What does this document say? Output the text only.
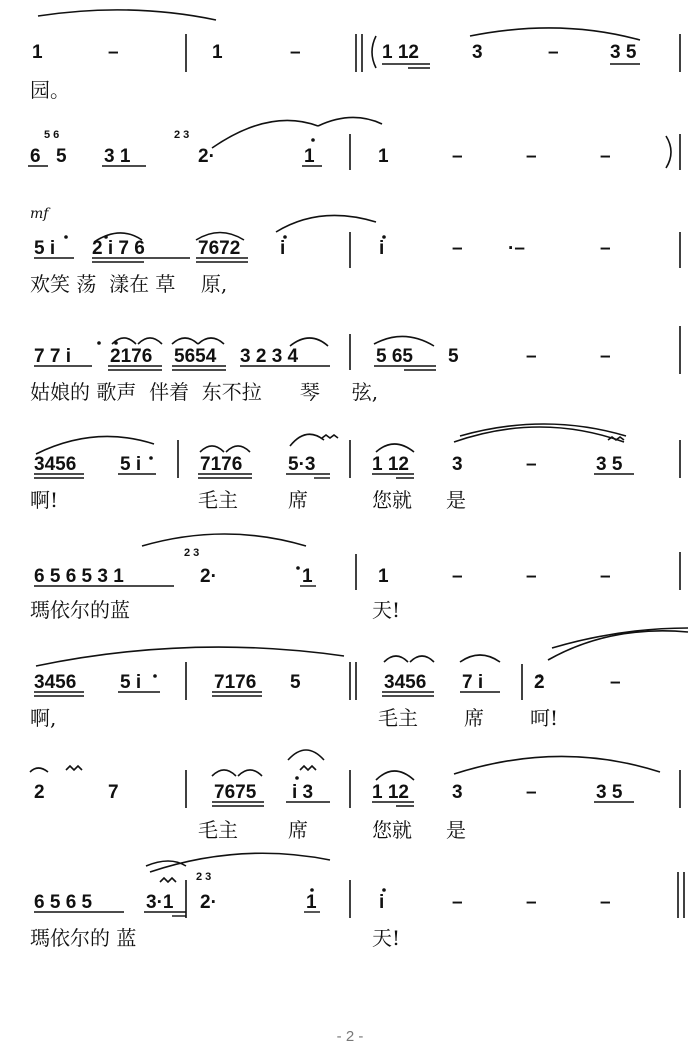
1	–	1	–	1 12	3	–	3 5
园。
5 6	2 3
6 5 3 1	2·	1	1	–	–	–
mf
5 i 2 i 7 6	7672 i	i	– ·–	–
欢笑 荡  漾在 草    原,
7 7 i 2176 5654 3 2 3 4	5 65 5	–	–
姑娘的 歌声  伴着  东不拉      琴     弦,
3456 5 i	7176 5·3	1 12 3	–	3 5
啊!	毛主	席	您就 是
2 3
6 5 6 5 3 1	2·	1	1	–	–	–
瑪依尔的蓝	天!
3456 5 i	7176 5	3456 7 i	2	–
啊,	毛主 席 呵!
2	7	7675 i 3	1 12 3	–	3 5
毛主	席	您就 是
2 3
6 5 6 5	3·1 2·	1	i	–	–	–
瑪依尔的 蓝	天!
- 2 -
